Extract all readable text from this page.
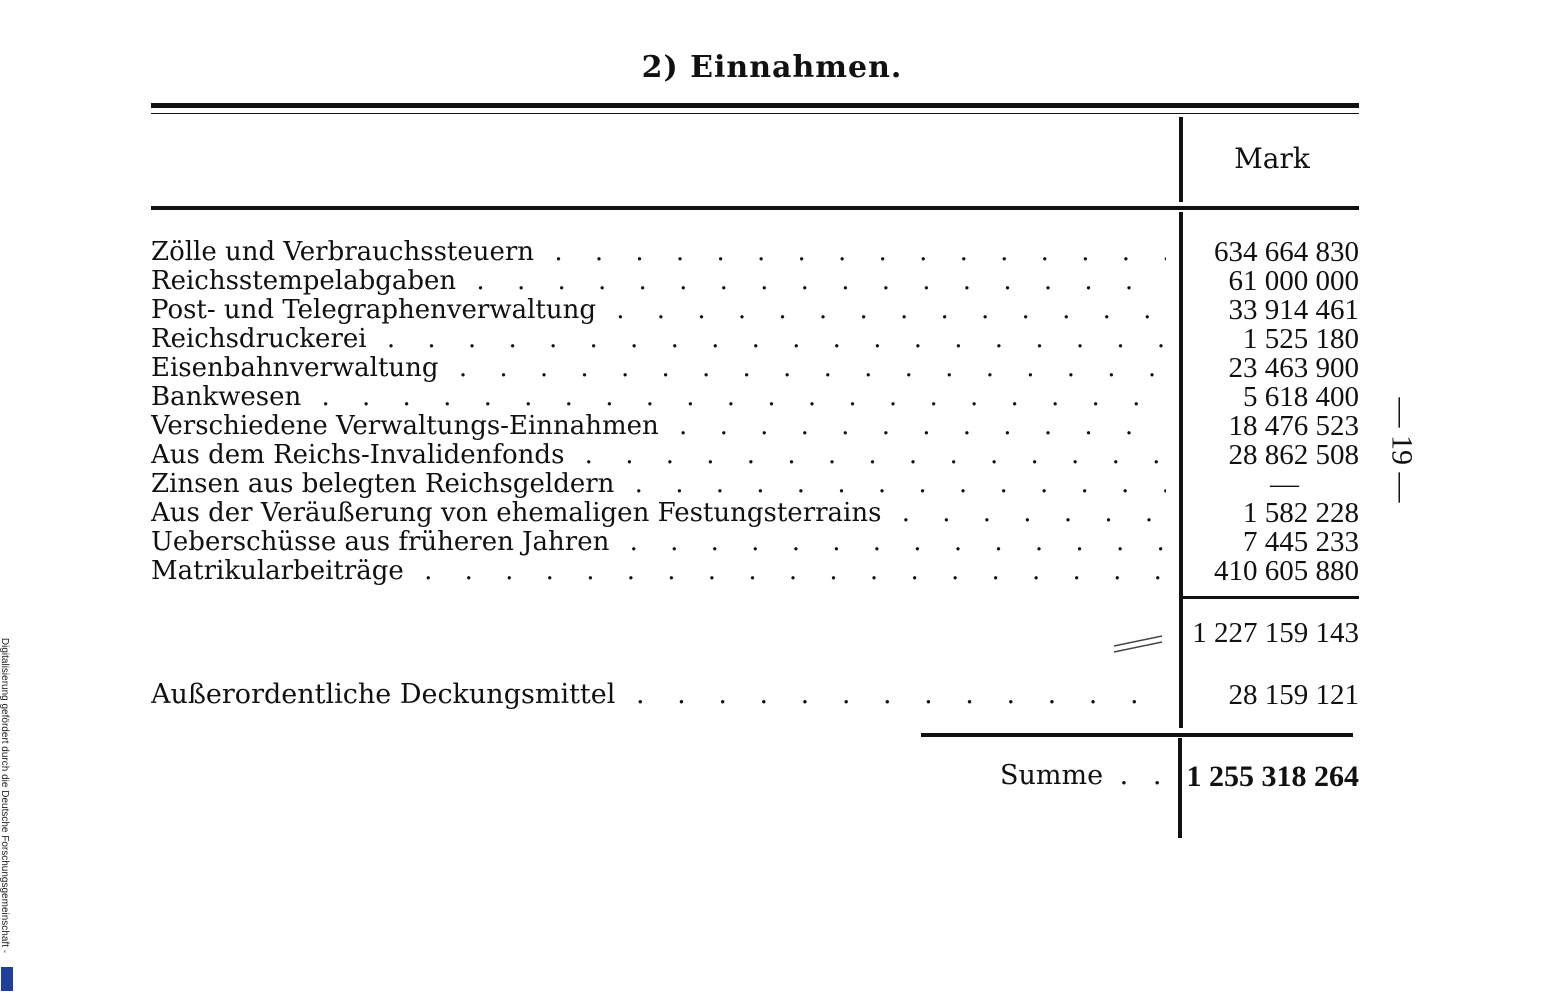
2) Einnahmen.
Mark
Zölle und Verbrauchssteuern . . .	634 664 830
Reichsstempelabgaben . . .	61 000 000
Post- und Telegraphenverwaltung . . .	33 914 461
Reichsdruckerei . . .	1 525 180
Eisenbahnverwaltung . . .	23 463 900
Bankwesen . . .	5 618 400
Verschiedene Verwaltungs-Einnahmen . . .	18 476 523
Aus dem Reichs-Invalidenfonds . . .	28 862 508
Zinsen aus belegten Reichsgeldern . . .	—
Aus der Veräußerung von ehemaligen Festungsterrains . . .	1 582 228
Ueberschüsse aus früheren Jahren . . .	7 445 233
Matrikularbeiträge . . .	410 605 880
1 227 159 143
Außerordentliche Deckungsmittel . . .	28 159 121
Summe . .	1 255 318 264
— 19 —
Digitalisierung gefördert durch die Deutsche Forschungsgemeinschaft -
